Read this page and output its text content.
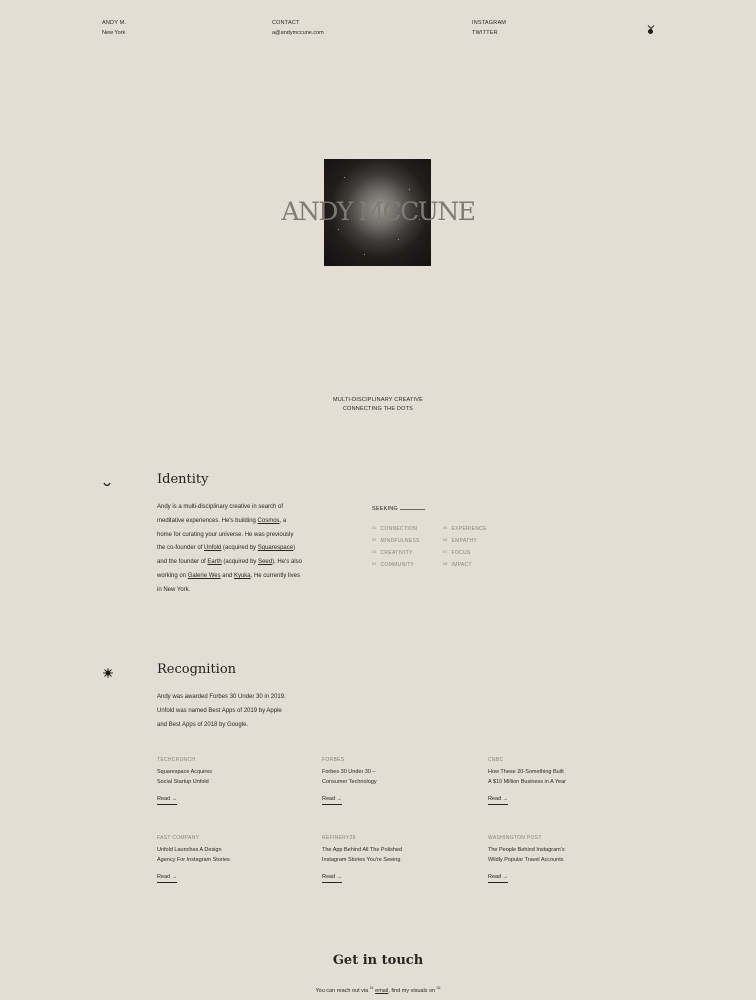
ANDY M.
New York
CONTACT
a@andymccune.com
INSTAGRAM
TWITTER
ANDY MCCUNE
MULTI-DISCIPLINARY CREATIVE
CONNECTING THE DOTS
Identity

Andy is a multi-disciplinary creative in search of meditative experiences. He's building Cosmos, a home for curating your universe. He was previously the co-founder of Unfold (acquired by Squarespace) and the founder of Earth (acquired by Seed). He's also working on Galerie Wes and Kyuka. He currently lives in New York.

SEEKING
$^{01}$ CONNECTION
$^{02}$ MINDFULNESS
$^{03}$ CREATIVITY
$^{04}$ COMMUNITY
$^{05}$ EXPERIENCE
$^{06}$ EMPATHY
$^{07}$ FOCUS
$^{08}$ IMPACT
Recognition
Andy was awarded Forbes 30 Under 30 in 2019.
Unfold was named Best Apps of 2019 by Apple
and Best Apps of 2018 by Google.
TECHCRUNCH
Squarespace Acquires
Social Startup Unfold
Read →
FORBES
Forbes 30 Under 30 –
Consumer Technology
Read →
CNBC
How These 20-Something Built
A $10 Million Business in A Year
Read →
FAST COMPANY
Unfold Launches A Design
Agency For Instagram Stories
Read →
REFINERY29
The App Behind All The Polished
Instagram Stories You're Seeing
Read →
WASHINGTON POST
The People Behind Instagram's
Wildly Popular Travel Accounts
Read →
Get in touch
You can reach out via $^{01}$ email, find my visuals on $^{02}$
